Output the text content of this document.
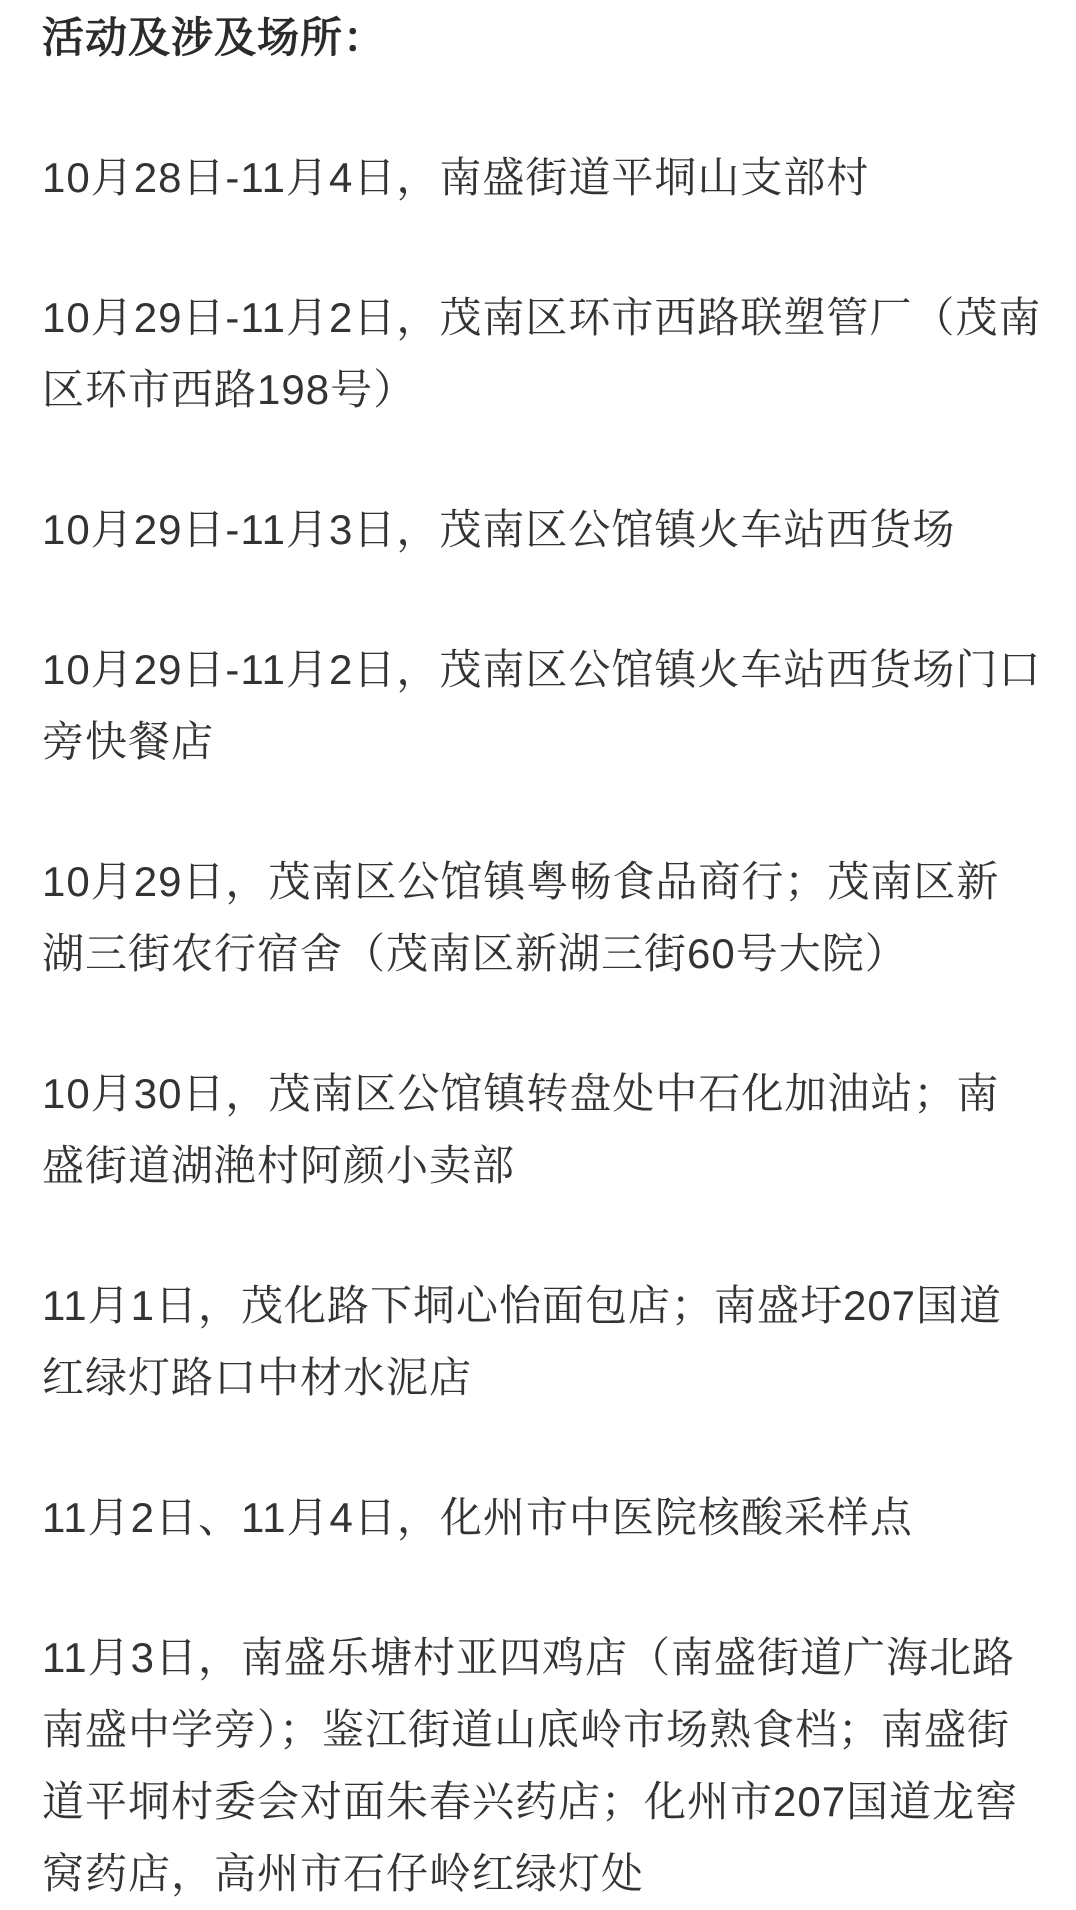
活动及涉及场所：

10月28日-11月4日，南盛街道平垌山支部村

10月29日-11月2日，茂南区环市西路联塑管厂（茂南区环市西路198号）

10月29日-11月3日，茂南区公馆镇火车站西货场

10月29日-11月2日，茂南区公馆镇火车站西货场门口旁快餐店

10月29日，茂南区公馆镇粤畅食品商行；茂南区新湖三街农行宿舍（茂南区新湖三街60号大院）

10月30日，茂南区公馆镇转盘处中石化加油站；南盛街道湖滟村阿颜小卖部

11月1日，茂化路下垌心怡面包店；南盛圩207国道红绿灯路口中材水泥店

11月2日、11月4日，化州市中医院核酸采样点

11月3日，南盛乐塘村亚四鸡店（南盛街道广海北路南盛中学旁）；鉴江街道山底岭市场熟食档；南盛街道平垌村委会对面朱春兴药店；化州市207国道龙窖窝药店，高州市石仔岭红绿灯处
